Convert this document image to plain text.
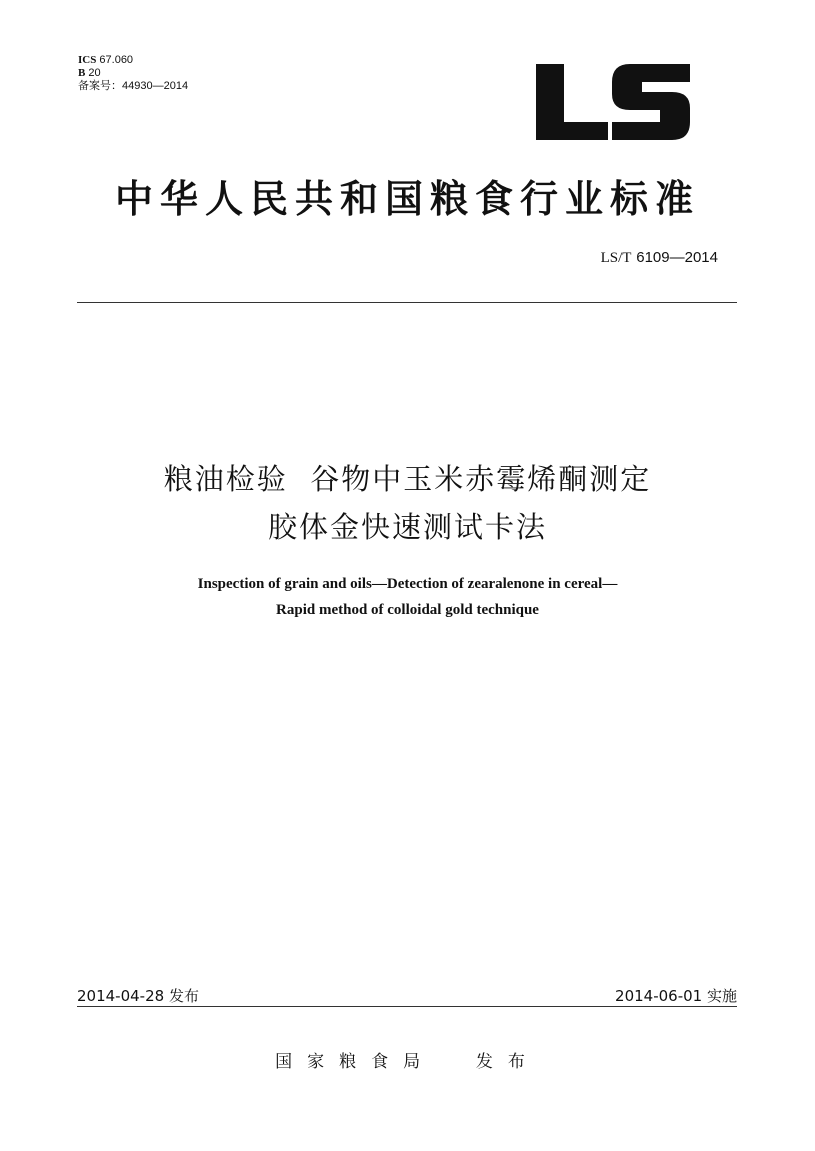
ICS 67.060
B 20
备案号：44930—2014
中华人民共和国粮食行业标准
LS/T 6109—2014
粮油检验  谷物中玉米赤霉烯酮测定
胶体金快速测试卡法
Inspection of grain and oils—Detection of zearalenone in cereal—
Rapid method of colloidal gold technique
2014-04-28 发布	2014-06-01 实施
国家粮食局  发布
